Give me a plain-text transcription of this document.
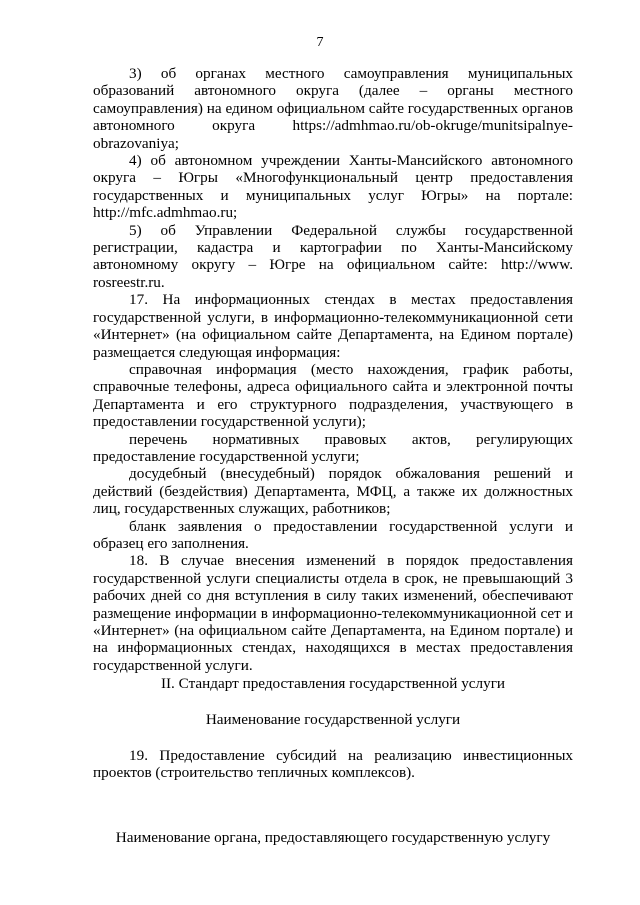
7

3) об органах местного самоуправления муниципальных образований автономного округа (далее – органы местного самоуправления) на едином официальном сайте государственных органов автономного округа https://admhmao.ru/ob-okruge/munitsipalnye-obrazovaniya;

4) об автономном учреждении Ханты-Мансийского автономного округа – Югры «Многофункциональный центр предоставления государственных и муниципальных услуг Югры» на портале: http://mfc.admhmao.ru;

5) об Управлении Федеральной службы государственной регистрации, кадастра и картографии по Ханты-Мансийскому автономному округу – Югре на официальном сайте: http://www. rosreestr.ru.

17. На информационных стендах в местах предоставления государственной услуги, в информационно-телекоммуникационной сети «Интернет» (на официальном сайте Департамента, на Едином портале) размещается следующая информация:

справочная информация (место нахождения, график работы, справочные телефоны, адреса официального сайта и электронной почты Департамента и его структурного подразделения, участвующего в предоставлении государственной услуги);

перечень нормативных правовых актов, регулирующих предоставление государственной услуги;

досудебный (внесудебный) порядок обжалования решений и действий (бездействия) Департамента, МФЦ, а также их должностных лиц, государственных служащих, работников;

бланк заявления о предоставлении государственной услуги и образец его заполнения.

18. В случае внесения изменений в порядок предоставления государственной услуги специалисты отдела в срок, не превышающий 3 рабочих дней со дня вступления в силу таких изменений, обеспечивают размещение информации в информационно-телекоммуникационной сет и «Интернет» (на официальном сайте Департамента, на Едином портале) и на информационных стендах, находящихся в местах предоставления государственной услуги.

II. Стандарт предоставления государственной услуги

Наименование государственной услуги

19. Предоставление субсидий на реализацию инвестиционных проектов (строительство тепличных комплексов).

Наименование органа, предоставляющего государственную услугу
